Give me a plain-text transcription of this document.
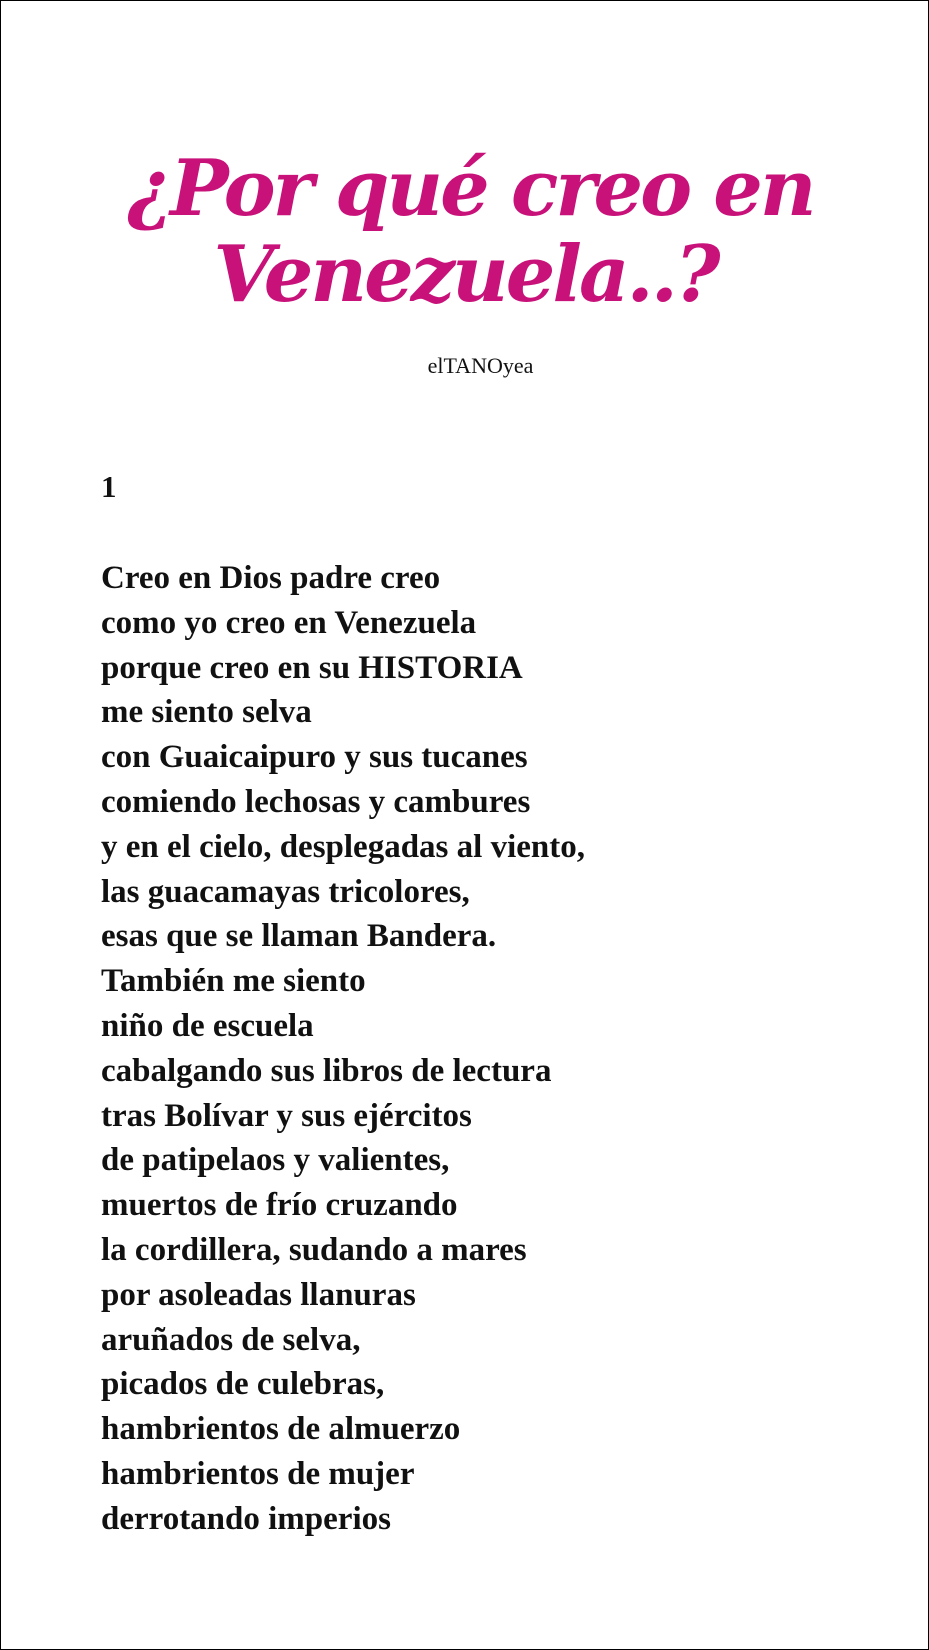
¿Por qué creo en
Venezuela..?
elTANOyea
1
Creo en Dios padre creo
como yo creo en Venezuela
porque creo en su HISTORIA
me siento selva
con Guaicaipuro y sus tucanes
comiendo lechosas y cambures
y en el cielo, desplegadas al viento,
las guacamayas tricolores,
esas que se llaman Bandera.
También me siento
niño de escuela
cabalgando sus libros de lectura
tras Bolívar y sus ejércitos
de patipelaos y valientes,
muertos de frío cruzando
la cordillera, sudando a mares
por asoleadas llanuras
aruñados de selva,
picados de culebras,
hambrientos de almuerzo
hambrientos de mujer
derrotando imperios
